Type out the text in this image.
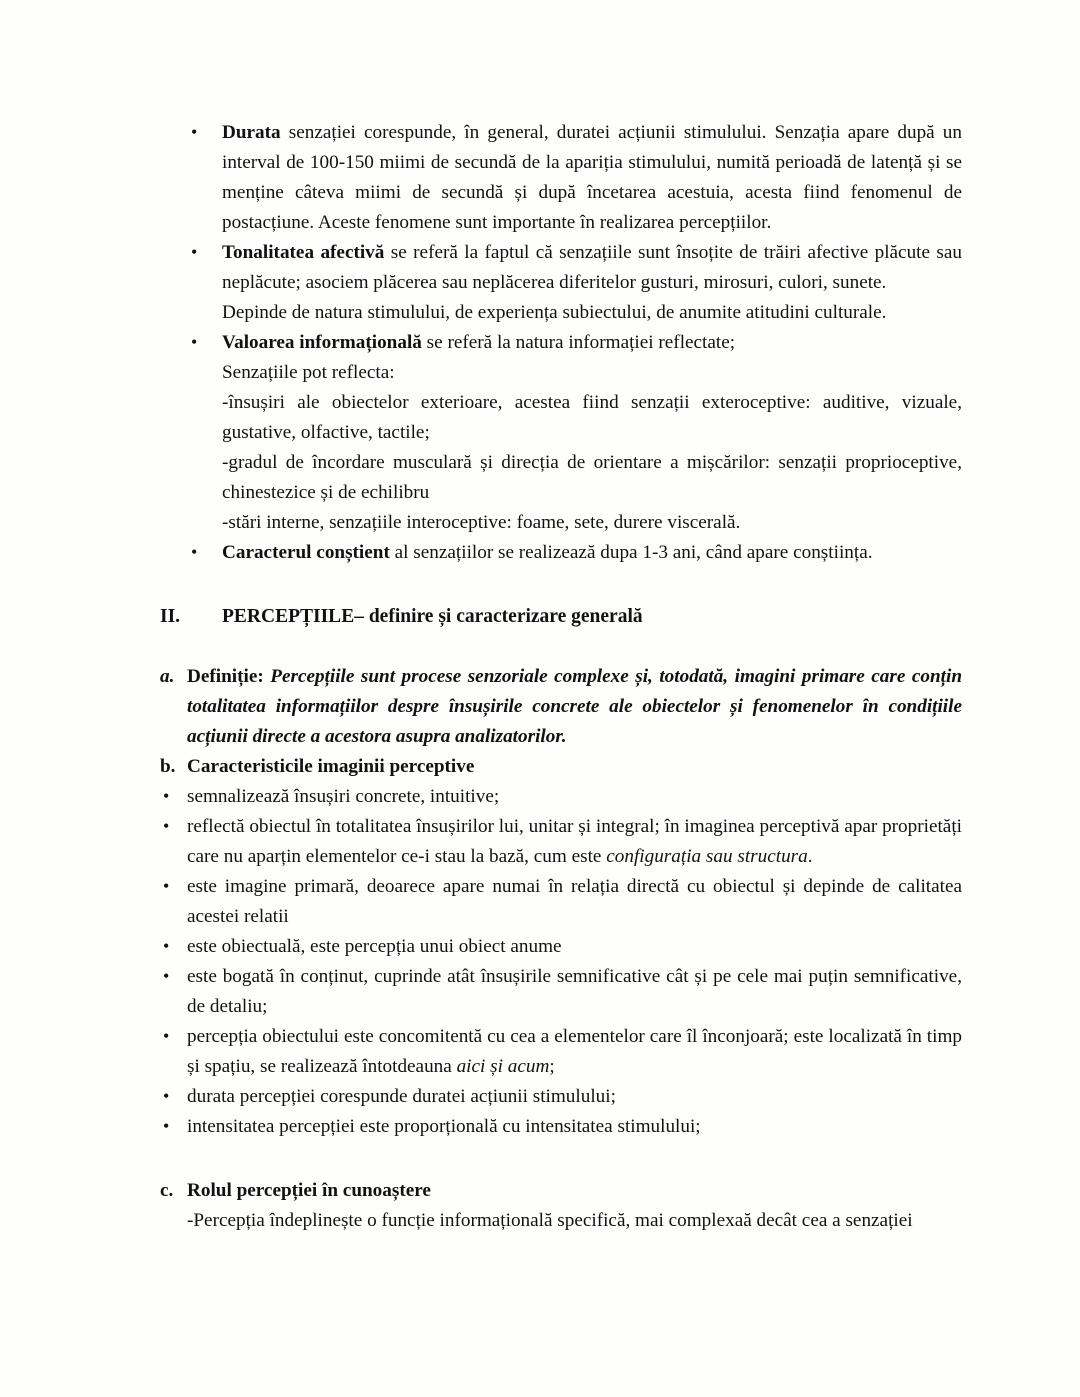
• Durata senzației corespunde, în general, duratei acțiunii stimulului. Senzația apare după un interval de 100-150 miimi de secundă de la apariția stimulului, numită perioadă de latență și se menține câteva miimi de secundă și după încetarea acestuia, acesta fiind fenomenul de postacțiune. Aceste fenomene sunt importante în realizarea percepțiilor.
• Tonalitatea afectivă se referă la faptul că senzațiile sunt însoțite de trăiri afective plăcute sau neplăcute; asociem plăcerea sau neplăcerea diferitelor gusturi, mirosuri, culori, sunete.
Depinde de natura stimulului, de experiența subiectului, de anumite atitudini culturale.
• Valoarea informațională se referă la natura informației reflectate;
Senzațiile pot reflecta:
-însușiri ale obiectelor exterioare, acestea fiind senzații exteroceptive: auditive, vizuale, gustative, olfactive, tactile;
-gradul de încordare musculară și direcția de orientare a mișcărilor: senzații proprioceptive, chinestezice și de echilibru
-stări interne, senzațiile interoceptive: foame, sete, durere viscerală.
• Caracterul conștient al senzațiilor se realizează dupa 1-3 ani, când apare conștiința.
II. PERCEPȚIILE– definire și caracterizare generală
a. Definiție: Percepțiile sunt procese senzoriale complexe și, totodată, imagini primare care conțin totalitatea informațiilor despre însușirile concrete ale obiectelor și fenomenelor în condițiile acțiunii directe a acestora asupra analizatorilor.
b. Caracteristicile imaginii perceptive
• semnalizează însușiri concrete, intuitive;
• reflectă obiectul în totalitatea însușirilor lui, unitar și integral; în imaginea perceptivă apar proprietăți care nu aparțin elementelor ce-i stau la bază, cum este configurația sau structura.
• este imagine primară, deoarece apare numai în relația directă cu obiectul și depinde de calitatea acestei relatii
• este obiectuală, este percepția unui obiect anume
• este bogată în conținut, cuprinde atât însușirile semnificative cât și pe cele mai puțin semnificative, de detaliu;
• percepția obiectului este concomitentă cu cea a elementelor care îl înconjoară; este localizată în timp și spațiu, se realizează întotdeauna aici și acum;
• durata percepției corespunde duratei acțiunii stimulului;
• intensitatea percepției este proporțională cu intensitatea stimulului;
c. Rolul percepției în cunoaștere
-Percepția îndeplinește o funcție informațională specifică, mai complexaă decât cea a senzației
